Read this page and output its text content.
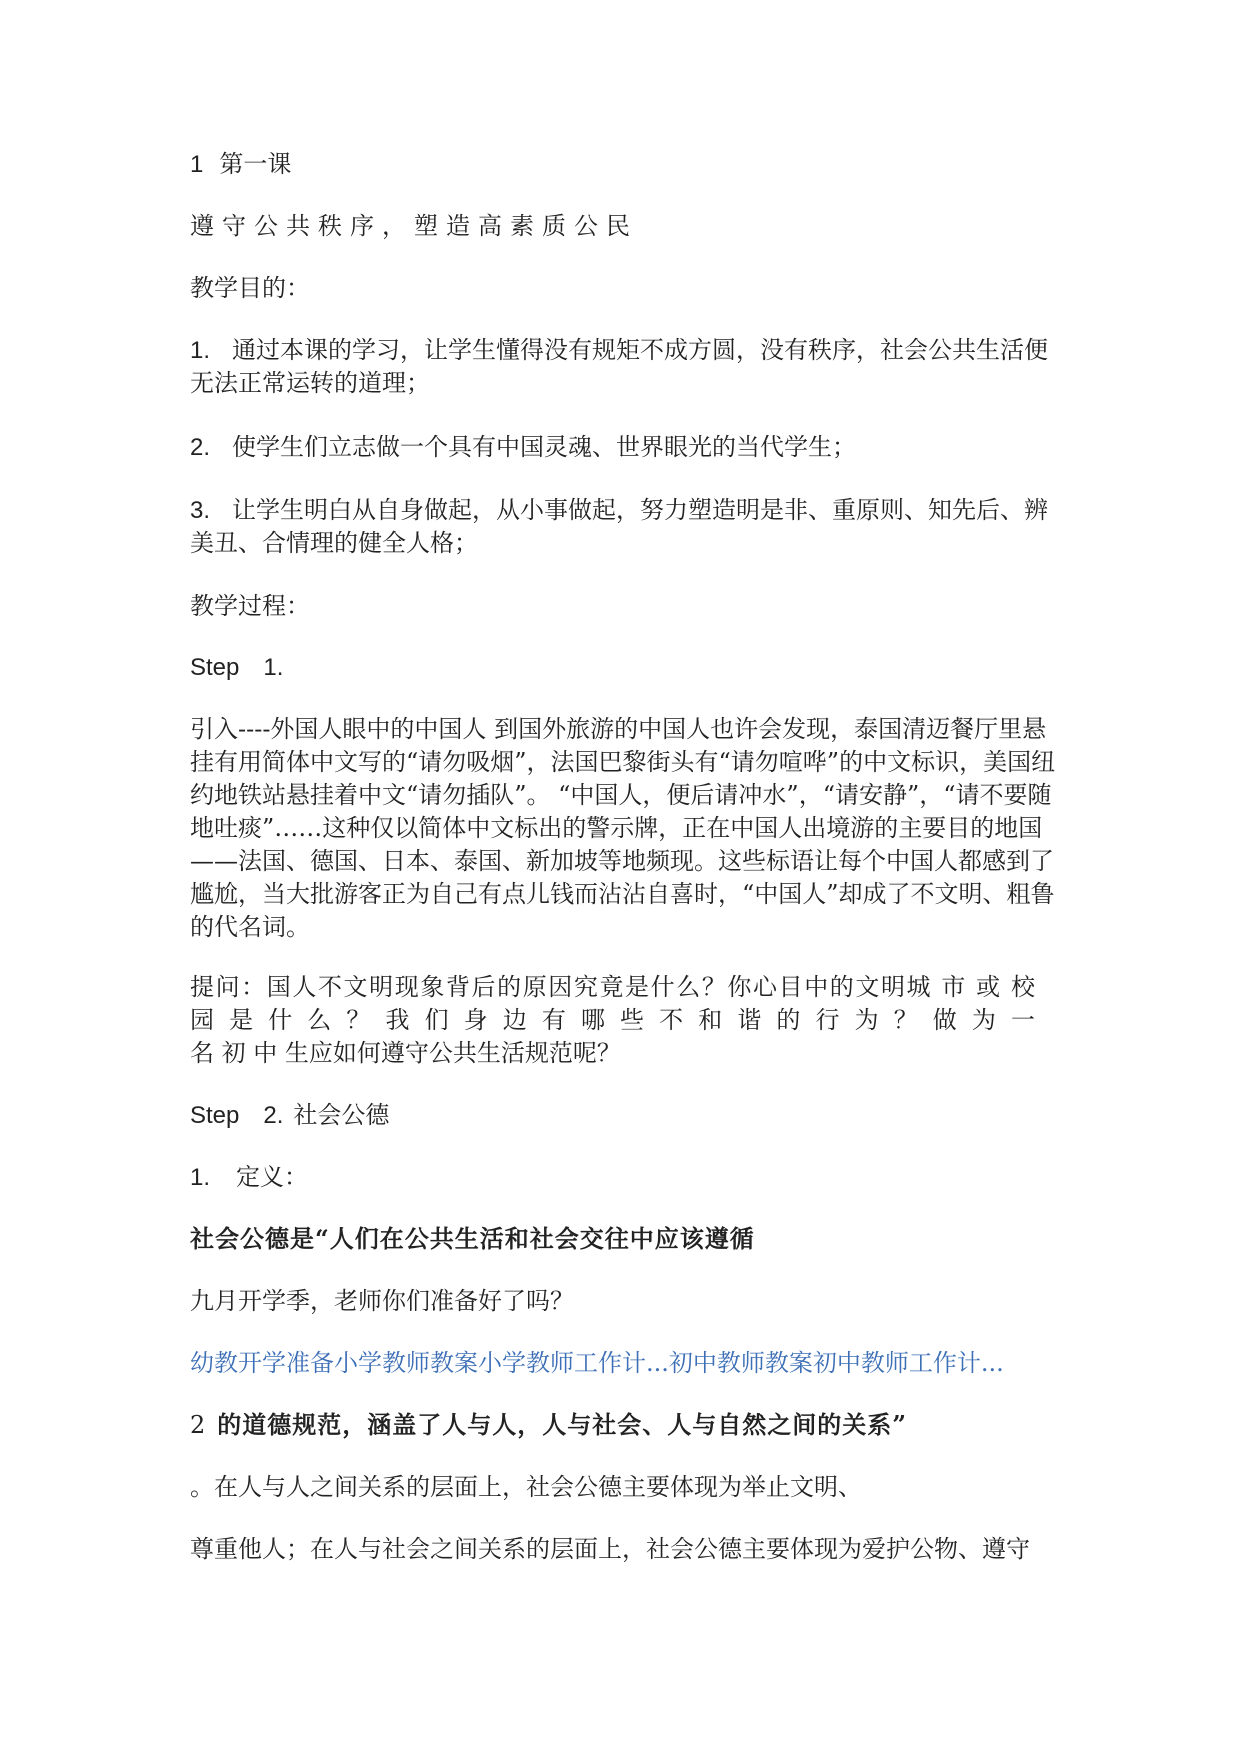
1 第一课

遵守公共秩序，塑造高素质公民

教学目的：

1. 通过本课的学习，让学生懂得没有规矩不成方圆，没有秩序，社会公共生活便无法正常运转的道理；

2. 使学生们立志做一个具有中国灵魂、世界眼光的当代学生；

3. 让学生明白从自身做起，从小事做起，努力塑造明是非、重原则、知先后、辨美丑、合情理的健全人格；

教学过程：

Step　1.

引入----外国人眼中的中国人 到国外旅游的中国人也许会发现，泰国清迈餐厅里悬挂有用简体中文写的“请勿吸烟”，法国巴黎街头有“请勿喧哗”的中文标识，美国纽约地铁站悬挂着中文“请勿插队”。 “中国人，便后请冲水”，“请安静”，“请不要随地吐痰”……这种仅以简体中文标出的警示牌，正在中国人出境游的主要目的地国——法国、德国、日本、泰国、新加坡等地频现。这些标语让每个中国人都感到了尴尬，当大批游客正为自己有点儿钱而沾沾自喜时，“中国人”却成了不文明、粗鲁的代名词。

提问：国人不文明现象背后的原因究竟是什么？你心目中的文明城 市 或 校

园 是 什 么 ？ 我 们 身 边 有 哪 些 不 和 谐 的 行 为 ？ 做 为 一

名 初 中 生应如何遵守公共生活规范呢？

Step　2. 社会公德

1. 定义：

社会公德是“人们在公共生活和社会交往中应该遵循

九月开学季，老师你们准备好了吗？

幼教开学准备小学教师教案小学教师工作计...初中教师教案初中教师工作计...

2 的道德规范，涵盖了人与人，人与社会、人与自然之间的关系”

。在人与人之间关系的层面上，社会公德主要体现为举止文明、

尊重他人；在人与社会之间关系的层面上，社会公德主要体现为爱护公物、遵守
